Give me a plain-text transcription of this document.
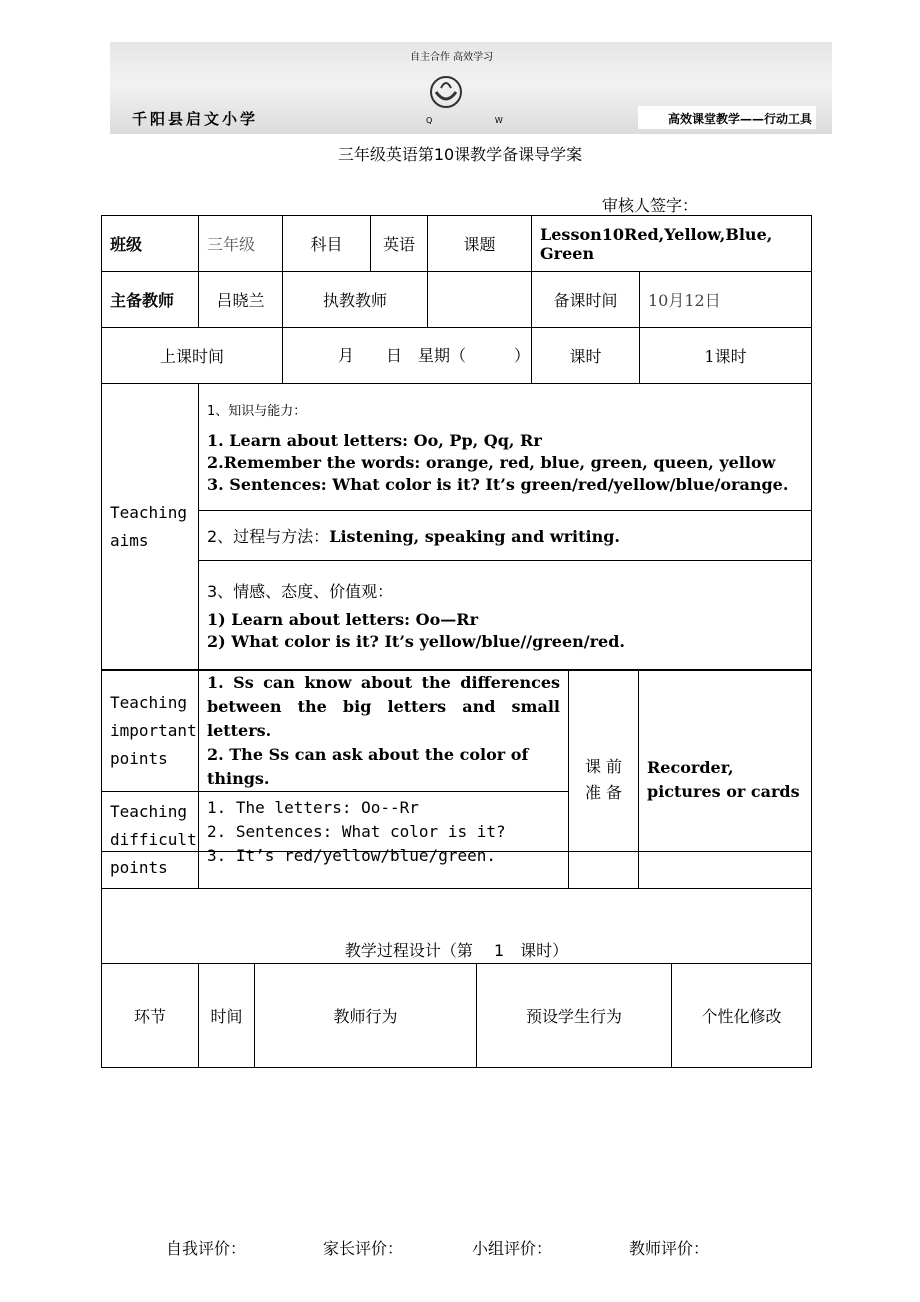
自主合作 高效学习
Q W
千阳县启文小学	高效课堂教学——行动工具
三年级英语第10课教学备课导学案
审核人签字：
班级	三年级	科目	英语	课题	Lesson10Red,Yellow,Blue, Green	
主备教师	吕晓兰	执教教师			备课时间	10月12日
上课时间		月　　日　星期（　　　）			课时	1课时
Teaching aims	1、知识与能力：
1. Learn about letters: Oo, Pp, Qq, Rr
2.Remember the words: orange, red, blue, green, queen, yellow
3. Sentences: What color is it? It’s green/red/yellow/blue/orange.					

	2、过程与方法：Listening, speaking and writing.					

	3、情感、态度、价值观：
1) Learn about letters: Oo—Rr
2) What color is it? It’s yellow/blue//green/red.					
Teaching important points	1. Ss can know about the differences between the big letters and small letters.
2. The Ss can ask about the color of things.	课 前 准 备	Recorder, pictures or cards
Teaching difficult points	1. The letters: Oo--Rr
2. Sentences: What color is it?
3. It’s red/yellow/blue/green.		
教学过程设计（第　 1　课时）
环节	时间	教师行为	预设学生行为	个性化修改
自我评价：	家长评价：	小组评价：	教师评价：
